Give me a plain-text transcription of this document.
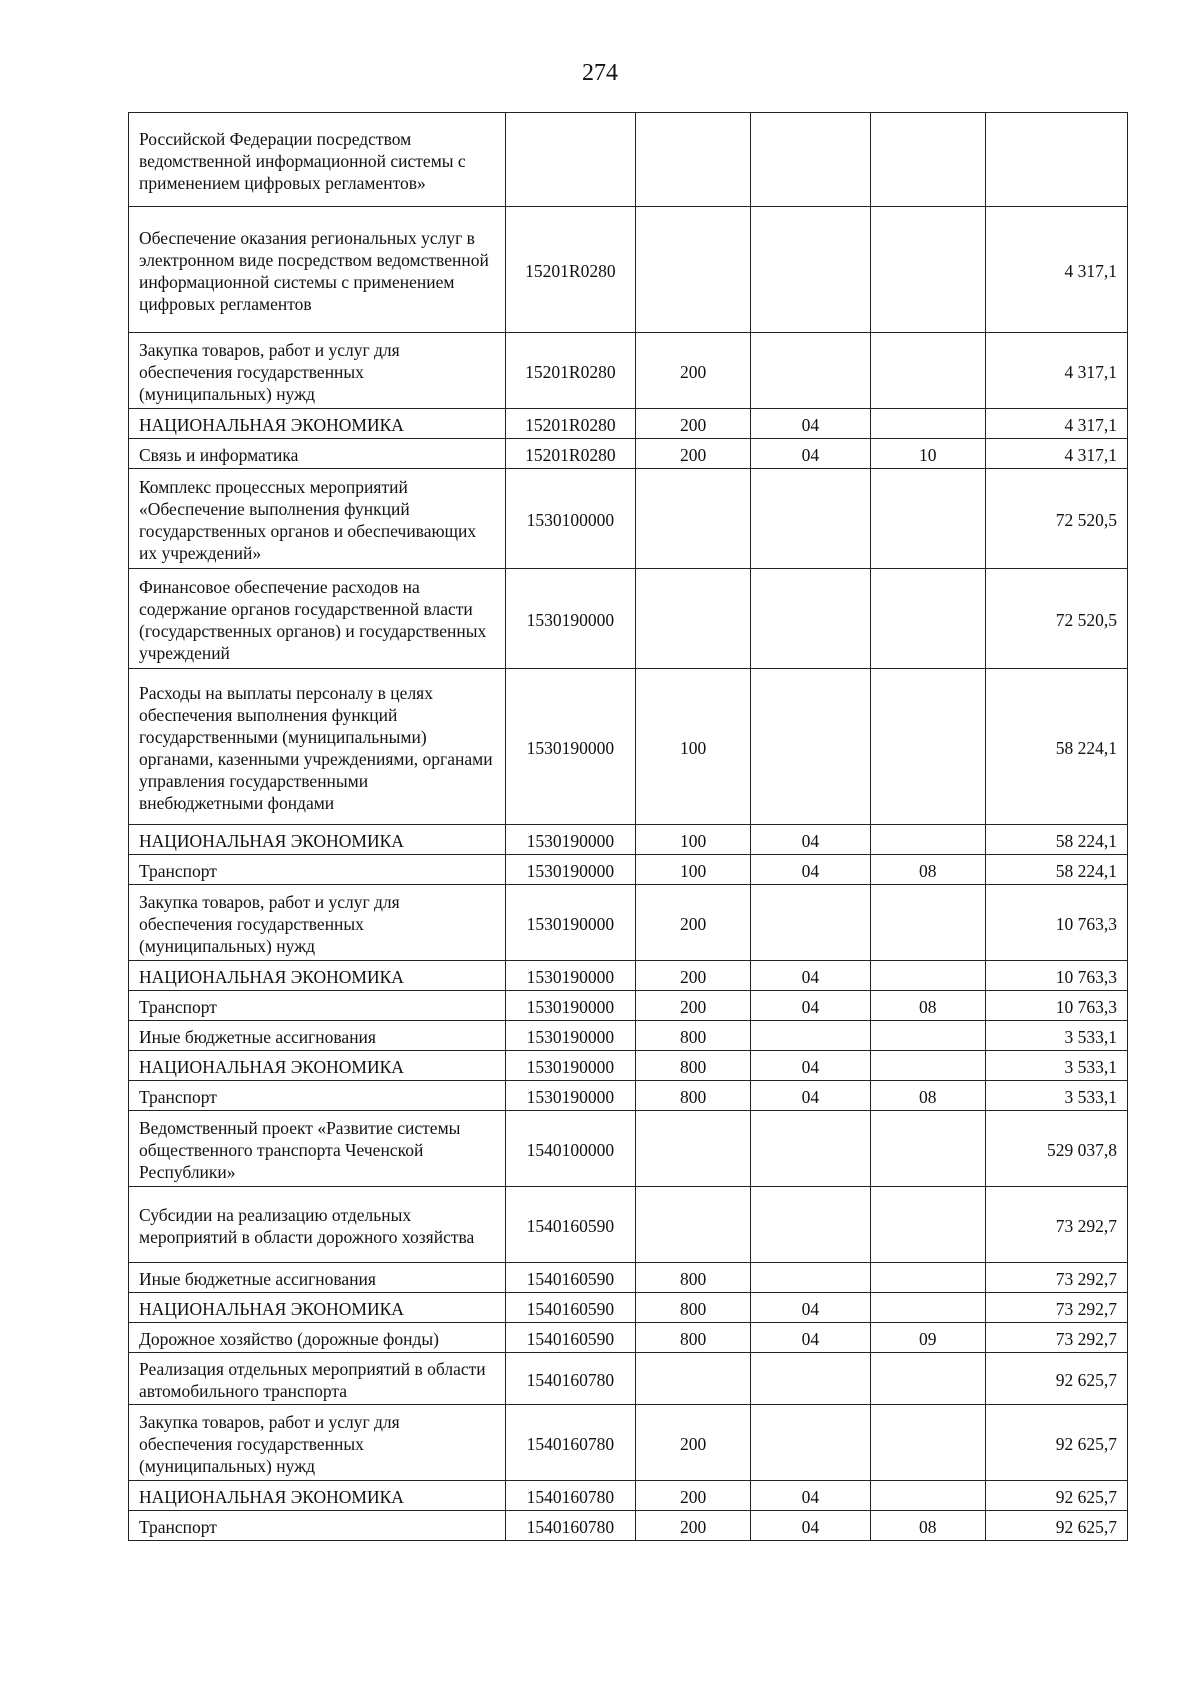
274
Российской Федерации посредством ведомственной информационной системы с применением цифровых регламентов»					
Обеспечение оказания региональных услуг в электронном виде посредством ведомственной информационной системы с применением цифровых регламентов	15201R0280				4 317,1
Закупка товаров, работ и услуг для обеспечения государственных (муниципальных) нужд	15201R0280	200			4 317,1
НАЦИОНАЛЬНАЯ ЭКОНОМИКА	15201R0280	200	04		4 317,1
Связь и информатика	15201R0280	200	04	10	4 317,1
Комплекс процессных мероприятий «Обеспечение выполнения функций государственных органов и обеспечивающих их учреждений»	1530100000				72 520,5
Финансовое обеспечение расходов на содержание органов государственной власти (государственных органов) и государственных учреждений	1530190000				72 520,5
Расходы на выплаты персоналу в целях обеспечения выполнения функций государственными (муниципальными) органами, казенными учреждениями, органами управления государственными внебюджетными фондами	1530190000	100			58 224,1
НАЦИОНАЛЬНАЯ ЭКОНОМИКА	1530190000	100	04		58 224,1
Транспорт	1530190000	100	04	08	58 224,1
Закупка товаров, работ и услуг для обеспечения государственных (муниципальных) нужд	1530190000	200			10 763,3
НАЦИОНАЛЬНАЯ ЭКОНОМИКА	1530190000	200	04		10 763,3
Транспорт	1530190000	200	04	08	10 763,3
Иные бюджетные ассигнования	1530190000	800			3 533,1
НАЦИОНАЛЬНАЯ ЭКОНОМИКА	1530190000	800	04		3 533,1
Транспорт	1530190000	800	04	08	3 533,1
Ведомственный проект «Развитие системы общественного транспорта Чеченской Республики»	1540100000				529 037,8
Субсидии на реализацию отдельных мероприятий в области дорожного хозяйства	1540160590				73 292,7
Иные бюджетные ассигнования	1540160590	800			73 292,7
НАЦИОНАЛЬНАЯ ЭКОНОМИКА	1540160590	800	04		73 292,7
Дорожное хозяйство (дорожные фонды)	1540160590	800	04	09	73 292,7
Реализация отдельных мероприятий в области автомобильного транспорта	1540160780				92 625,7
Закупка товаров, работ и услуг для обеспечения государственных (муниципальных) нужд	1540160780	200			92 625,7
НАЦИОНАЛЬНАЯ ЭКОНОМИКА	1540160780	200	04		92 625,7
Транспорт	1540160780	200	04	08	92 625,7
